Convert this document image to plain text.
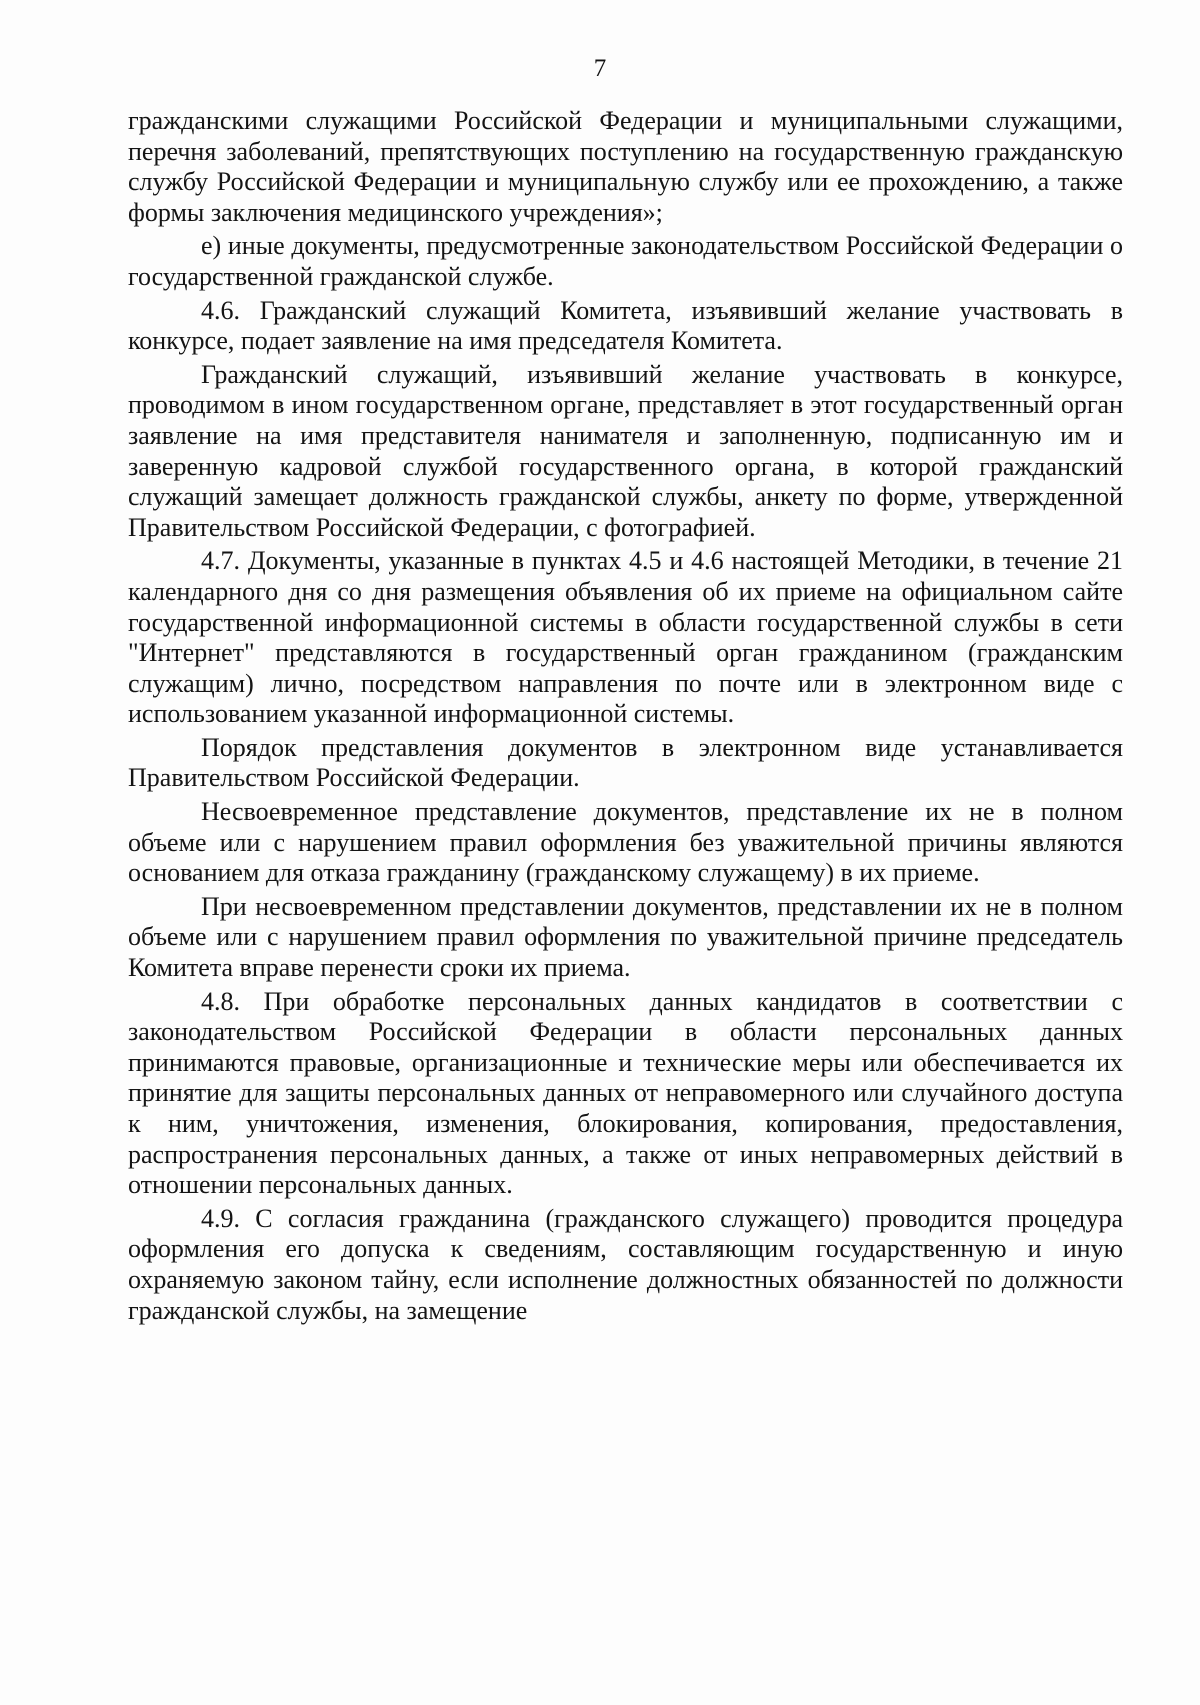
7

гражданскими служащими Российской Федерации и муниципальными служащими, перечня заболеваний, препятствующих поступлению на государственную гражданскую службу Российской Федерации и муниципальную службу или ее прохождению, а также формы заключения медицинского учреждения»;

е) иные документы, предусмотренные законодательством Российской Федерации о государственной гражданской службе.

4.6. Гражданский служащий Комитета, изъявивший желание участвовать в конкурсе, подает заявление на имя председателя Комитета.

Гражданский служащий, изъявивший желание участвовать в конкурсе, проводимом в ином государственном органе, представляет в этот государственный орган заявление на имя представителя нанимателя и заполненную, подписанную им и заверенную кадровой службой государственного органа, в которой гражданский служащий замещает должность гражданской службы, анкету по форме, утвержденной Правительством Российской Федерации, с фотографией.

4.7. Документы, указанные в пунктах 4.5 и 4.6 настоящей Методики, в течение 21 календарного дня со дня размещения объявления об их приеме на официальном сайте государственной информационной системы в области государственной службы в сети "Интернет" представляются в государственный орган гражданином (гражданским служащим) лично, посредством направления по почте или в электронном виде с использованием указанной информационной системы.

Порядок представления документов в электронном виде устанавливается Правительством Российской Федерации.

Несвоевременное представление документов, представление их не в полном объеме или с нарушением правил оформления без уважительной причины являются основанием для отказа гражданину (гражданскому служащему) в их приеме.

При несвоевременном представлении документов, представлении их не в полном объеме или с нарушением правил оформления по уважительной причине председатель Комитета вправе перенести сроки их приема.

4.8. При обработке персональных данных кандидатов в соответствии с законодательством Российской Федерации в области персональных данных принимаются правовые, организационные и технические меры или обеспечивается их принятие для защиты персональных данных от неправомерного или случайного доступа к ним, уничтожения, изменения, блокирования, копирования, предоставления, распространения персональных данных, а также от иных неправомерных действий в отношении персональных данных.

4.9. С согласия гражданина (гражданского служащего) проводится процедура оформления его допуска к сведениям, составляющим государственную и иную охраняемую законом тайну, если исполнение должностных обязанностей по должности гражданской службы, на замещение
